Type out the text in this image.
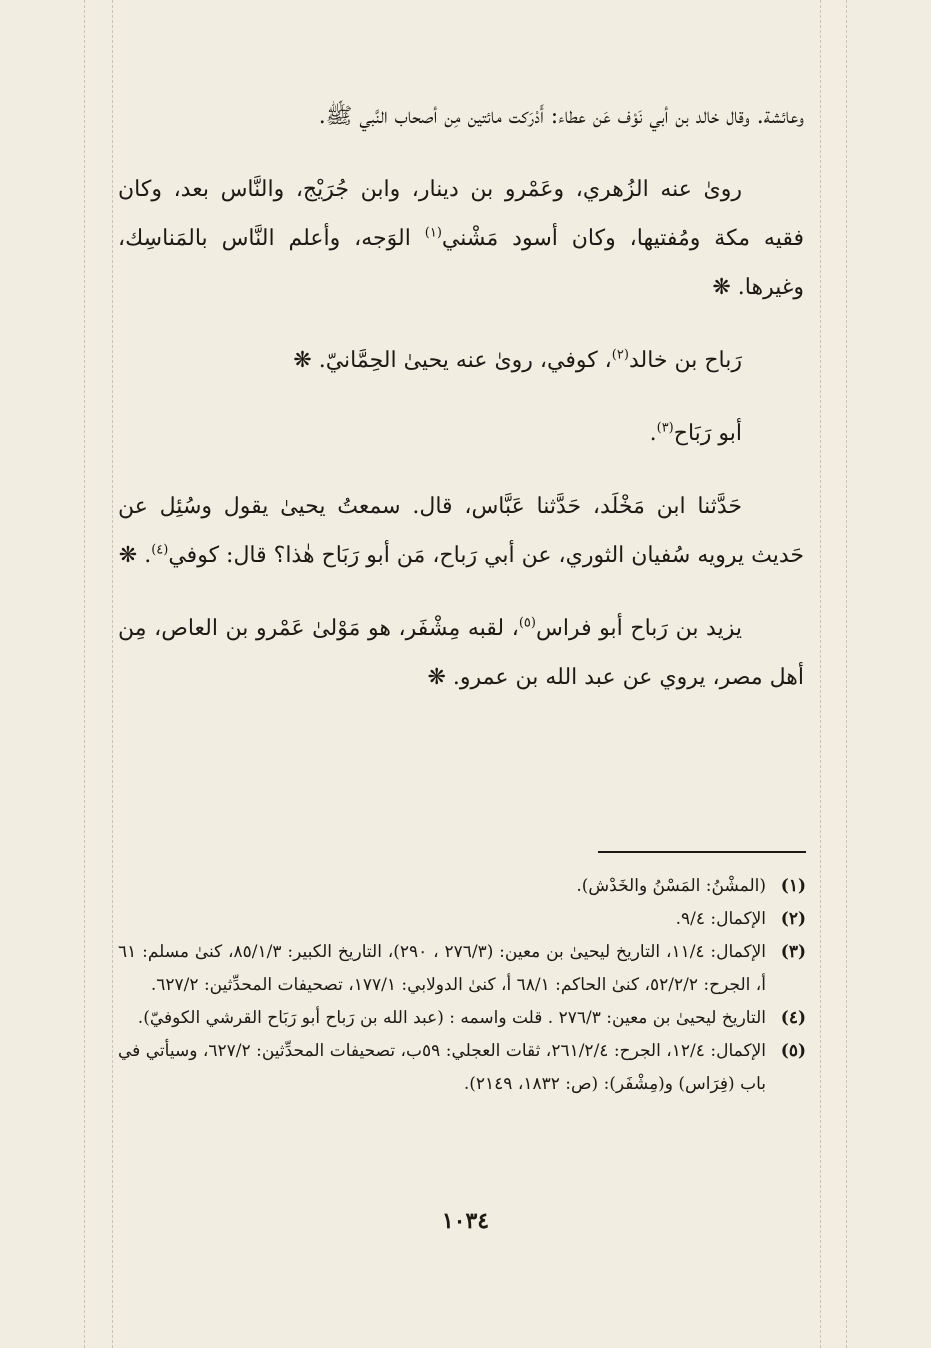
وعائشة. وقال خالد بن أبي نَوْف عَن عطاء: أَدْرَكت مائتين مِن أصحاب النَّبي ﷺ.

روىٰ عنه الزُهري، وعَمْرو بن دينار، وابن جُرَيْج، والنَّاس بعد، وكان فقيه مكة ومُفتيها، وكان أسود مَشْني$^{(١)}$ الوَجه، وأعلم النَّاس بالمَناسِك، وغيرها. ❋

رَباح بن خالد$^{(٢)}$، كوفي، روىٰ عنه يحيىٰ الحِمَّانيّ. ❋

أبو رَبَاح$^{(٣)}$.

حَدَّثنا ابن مَخْلَد، حَدَّثنا عَبَّاس، قال. سمعتُ يحيىٰ يقول وسُئِل عن حَديث يرويه سُفيان الثوري، عن أبي رَباح، مَن أبو رَبَاح هٰذا؟ قال: كوفي$^{(٤)}$. ❋

يزيد بن رَباح أبو فراس$^{(٥)}$، لقبه مِشْفَر، هو مَوْلىٰ عَمْرو بن العاص، مِن أهل مصر، يروي عن عبد الله بن عمرو. ❋

(١)
(المشْنُ: المَسْنُ والخَدْش).

(٢)
الإكمال: ٩/٤.

(٣)
الإكمال: ١١/٤، التاريخ ليحيىٰ بن معين: (٢٧٦/٣ ، ٢٩٠)، التاريخ الكبير: ٨٥/١/٣، كنىٰ مسلم: ٦١ أ، الجرح: ٥٢/٢/٢، كنىٰ الحاكم: ٦٨/١ أ، كنىٰ الدولابي: ١٧٧/١، تصحيفات المحدِّثين: ٦٢٧/٢.

(٤)
التاريخ ليحيىٰ بن معين: ٢٧٦/٣ . قلت واسمه : (عبد الله بن رَباح أبو رَبَاح القرشي الكوفيّ).

(٥)
الإكمال: ١٢/٤، الجرح: ٢٦١/٢/٤، ثقات العجلي: ٥٩ب، تصحيفات المحدِّثين: ٦٢٧/٢، وسيأتي في باب (فِرَاس) و(مِشْفَر): (ص: ١٨٣٢، ٢١٤٩).

١٠٣٤
